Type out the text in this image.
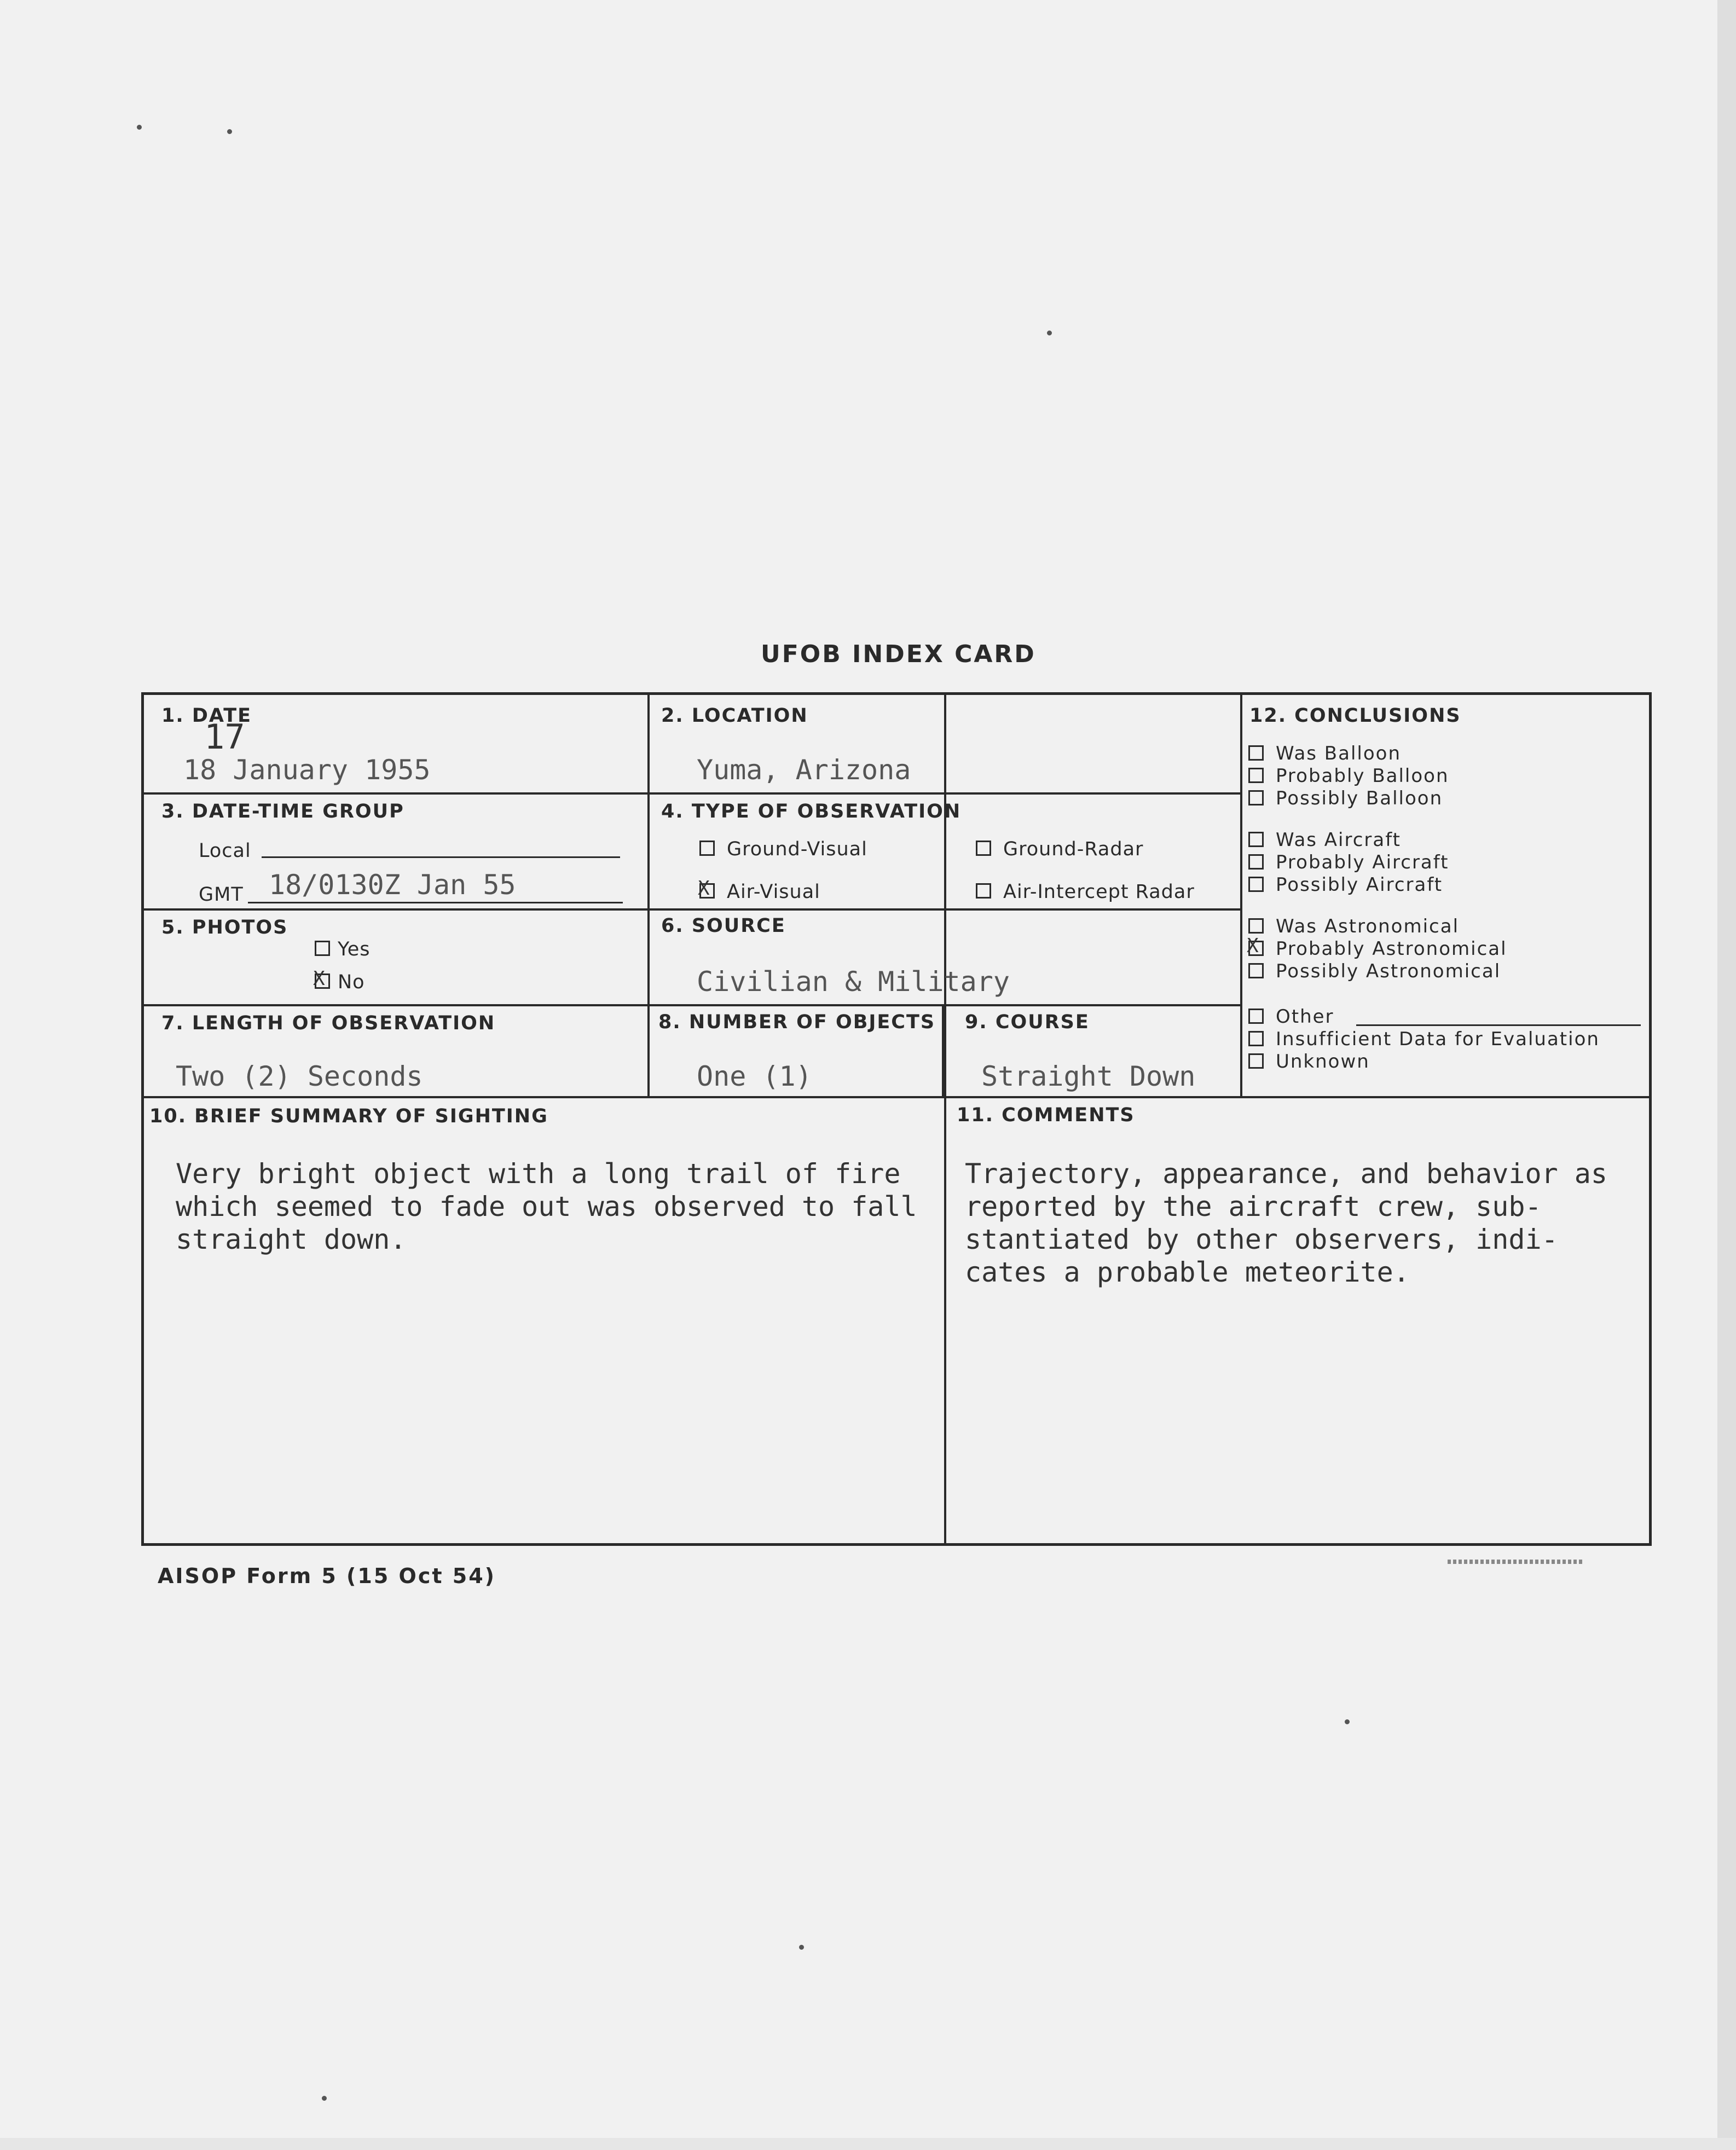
UFOB INDEX CARD
1. DATE
17
18 January 1955
2. LOCATION
Yuma, Arizona
3. DATE-TIME GROUP
Local
GMT 18/0130Z Jan 55
4. TYPE OF OBSERVATION
Ground-Visual	Ground-Radar
XAir-Visual	Air-Intercept Radar
5. PHOTOS
Yes
XNo
6. SOURCE
Civilian & Military
7. LENGTH OF OBSERVATION
Two (2) Seconds
8. NUMBER OF OBJECTS
One (1)
9. COURSE
Straight Down
12. CONCLUSIONS
Was Balloon
Probably Balloon
Possibly Balloon
Was Aircraft
Probably Aircraft
Possibly Aircraft
Was Astronomical
XProbably Astronomical
Possibly Astronomical
Other
Insufficient Data for Evaluation
Unknown
10. BRIEF SUMMARY OF SIGHTING
Very bright object with a long trail of fire
which seemed to fade out was observed to fall
straight down.
11. COMMENTS
Trajectory, appearance, and behavior as
reported by the aircraft crew, sub-
stantiated by other observers, indi-
cates a probable meteorite.
AISOP Form 5 (15 Oct 54)
